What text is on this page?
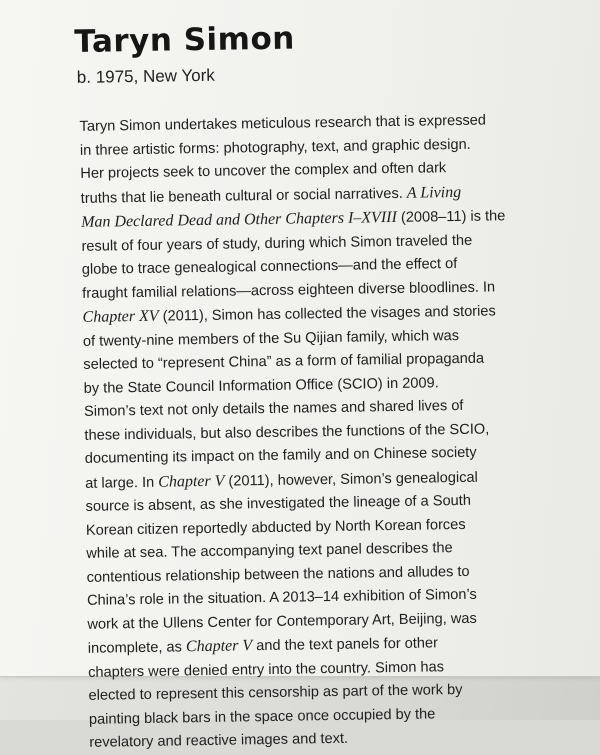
Taryn Simon
b. 1975, New York
Taryn Simon undertakes meticulous research that is expressed
in three artistic forms: photography, text, and graphic design.
Her projects seek to uncover the complex and often dark
truths that lie beneath cultural or social narratives. A Living
Man Declared Dead and Other Chapters I–XVIII (2008–11) is the
result of four years of study, during which Simon traveled the
globe to trace genealogical connections—and the effect of
fraught familial relations—across eighteen diverse bloodlines. In
Chapter XV (2011), Simon has collected the visages and stories
of twenty-nine members of the Su Qijian family, which was
selected to “represent China” as a form of familial propaganda
by the State Council Information Office (SCIO) in 2009.
Simon’s text not only details the names and shared lives of
these individuals, but also describes the functions of the SCIO,
documenting its impact on the family and on Chinese society
at large. In Chapter V (2011), however, Simon’s genealogical
source is absent, as she investigated the lineage of a South
Korean citizen reportedly abducted by North Korean forces
while at sea. The accompanying text panel describes the
contentious relationship between the nations and alludes to
China’s role in the situation. A 2013–14 exhibition of Simon’s
work at the Ullens Center for Contemporary Art, Beijing, was
incomplete, as Chapter V and the text panels for other
chapters were denied entry into the country. Simon has
elected to represent this censorship as part of the work by
painting black bars in the space once occupied by the
revelatory and reactive images and text.
